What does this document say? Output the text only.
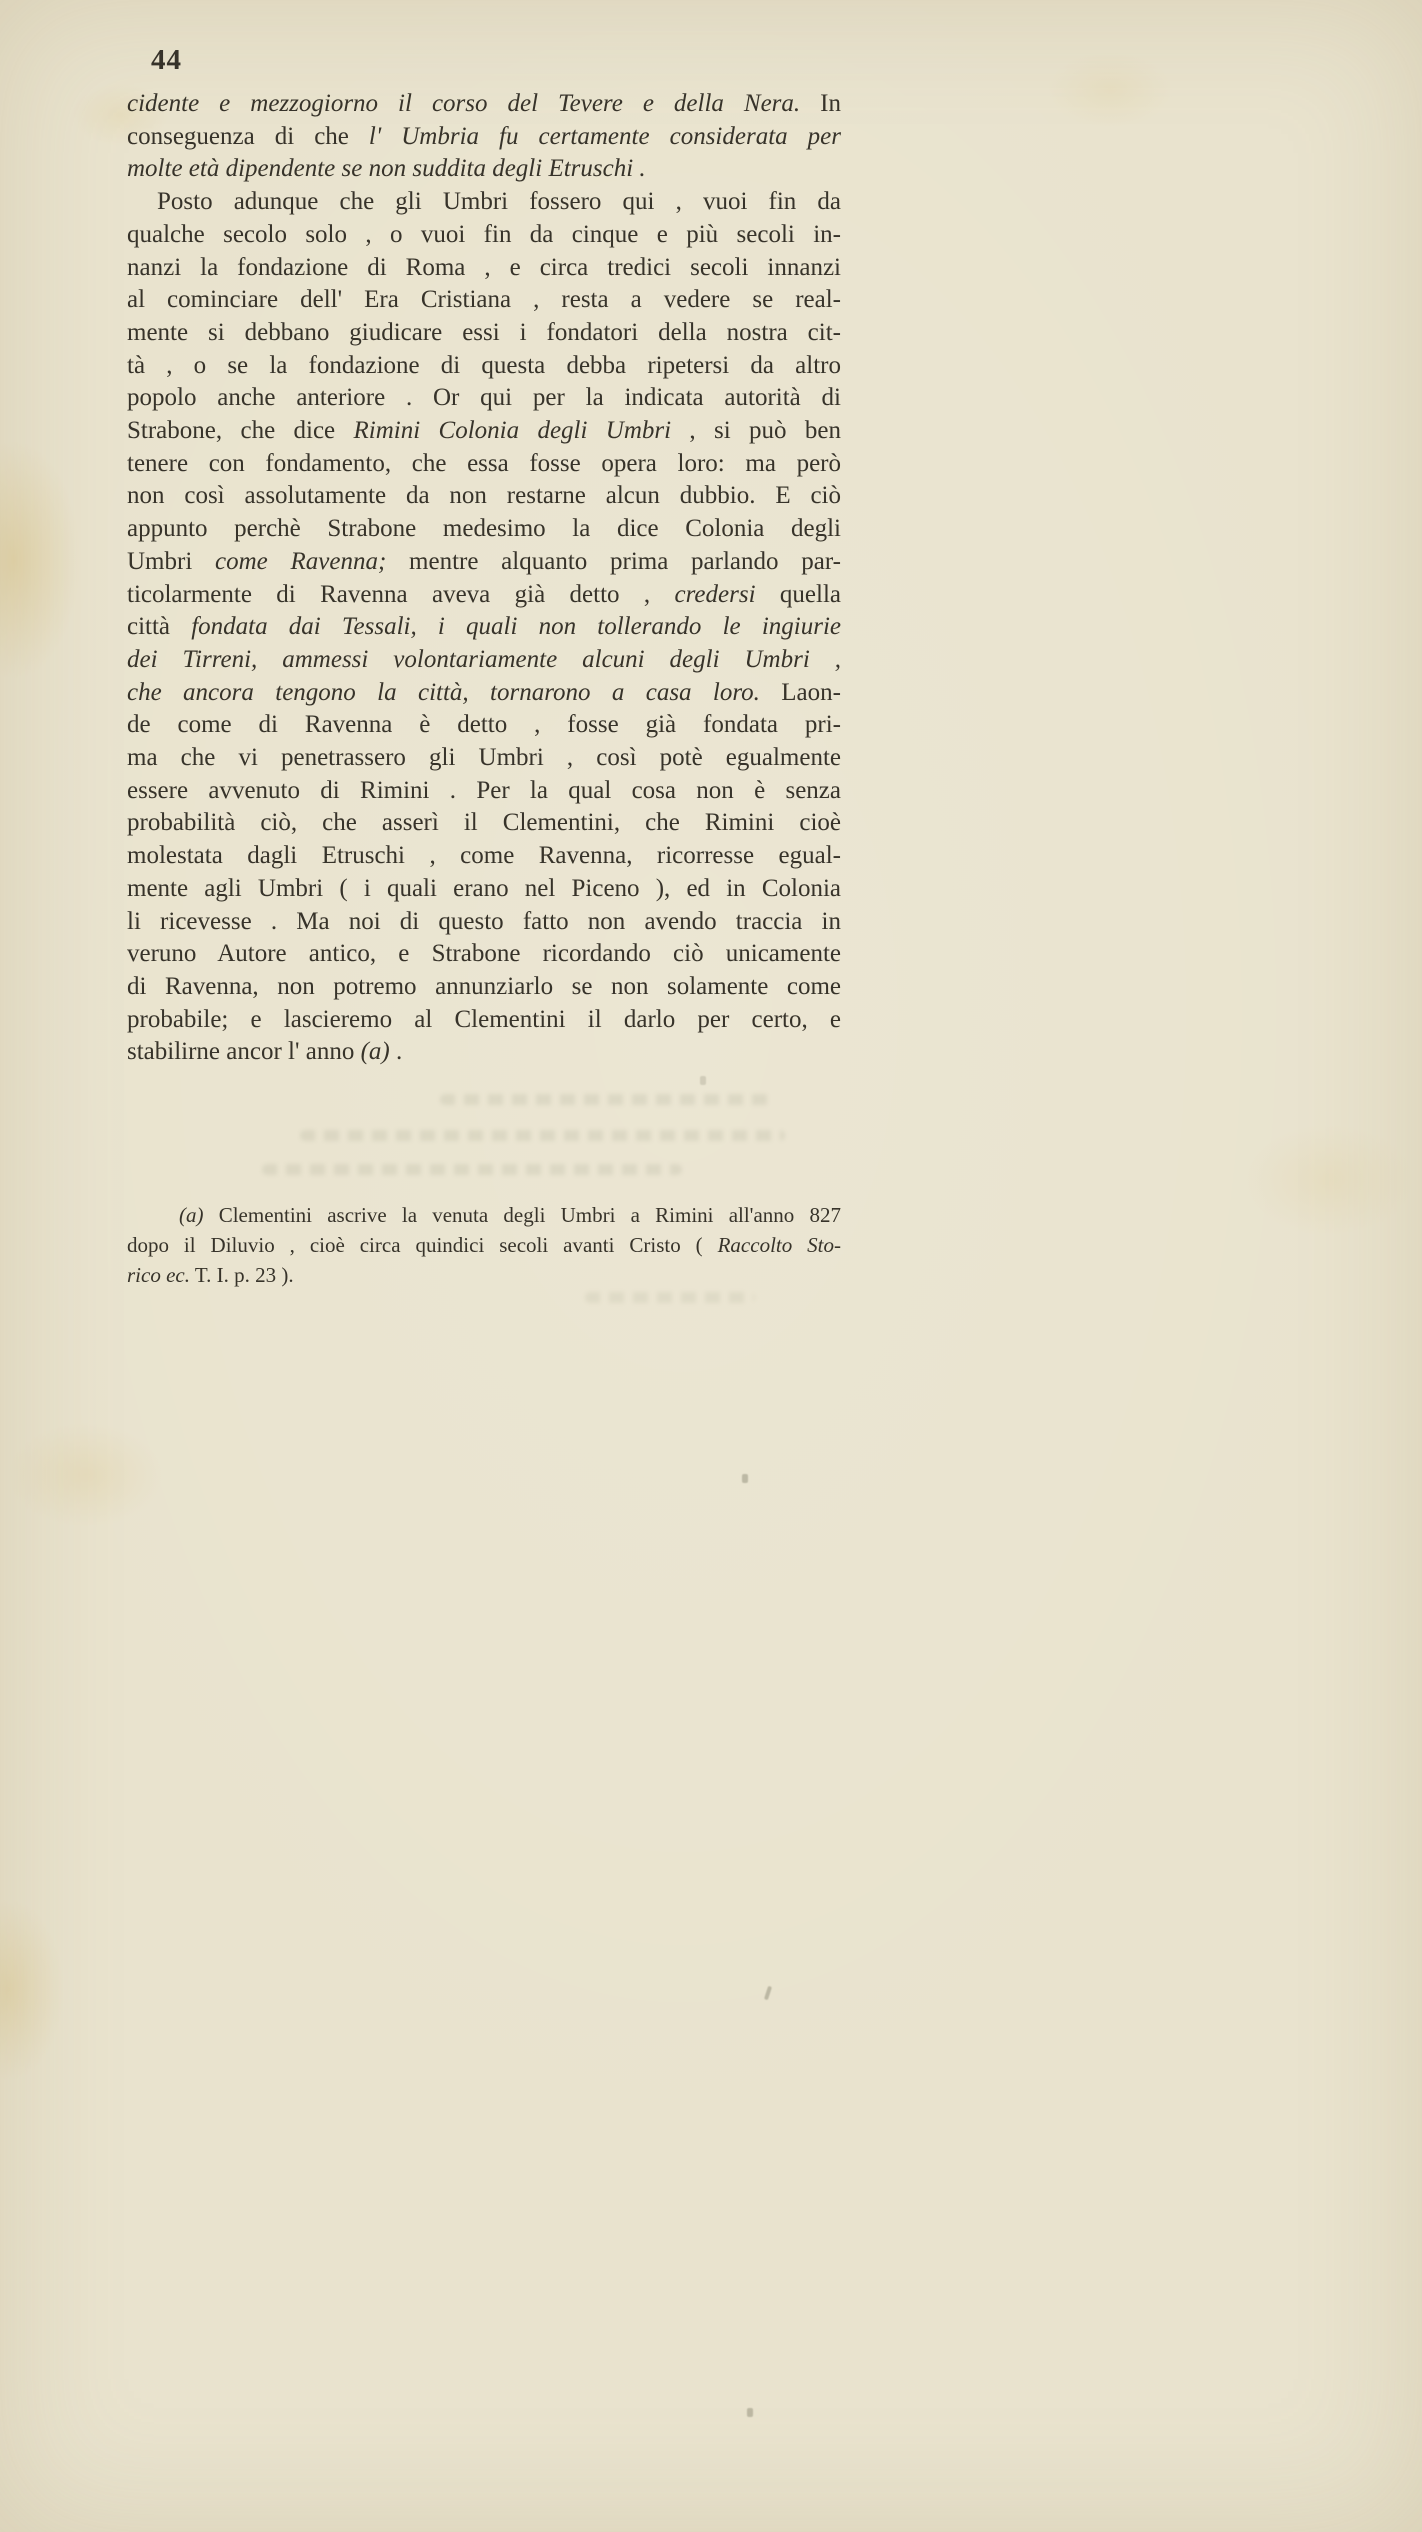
44
cidente e mezzogiorno il corso del Tevere e della Nera. In
conseguenza di che l' Umbria fu certamente considerata per
molte età dipendente se non suddita degli Etruschi .
Posto adunque che gli Umbri fossero qui , vuoi fin da
qualche secolo solo , o vuoi fin da cinque e più secoli in-
nanzi la fondazione di Roma , e circa tredici secoli innanzi
al cominciare dell' Era Cristiana , resta a vedere se real-
mente si debbano giudicare essi i fondatori della nostra cit-
tà , o se la fondazione di questa debba ripetersi da altro
popolo anche anteriore . Or qui per la indicata autorità di
Strabone, che dice Rimini Colonia degli Umbri , si può ben
tenere con fondamento, che essa fosse opera loro: ma però
non così assolutamente da non restarne alcun dubbio. E ciò
appunto perchè Strabone medesimo la dice Colonia degli
Umbri come Ravenna; mentre alquanto prima parlando par-
ticolarmente di Ravenna aveva già detto , credersi quella
città fondata dai Tessali, i quali non tollerando le ingiurie
dei Tirreni, ammessi volontariamente alcuni degli Umbri ,
che ancora tengono la città, tornarono a casa loro. Laon-
de come di Ravenna è detto , fosse già fondata pri-
ma che vi penetrassero gli Umbri , così potè egualmente
essere avvenuto di Rimini . Per la qual cosa non è senza
probabilità ciò, che asserì il Clementini, che Rimini cioè
molestata dagli Etruschi , come Ravenna, ricorresse egual-
mente agli Umbri ( i quali erano nel Piceno ), ed in Colonia
li ricevesse . Ma noi di questo fatto non avendo traccia in
veruno Autore antico, e Strabone ricordando ciò unicamente
di Ravenna, non potremo annunziarlo se non solamente come
probabile; e lascieremo al Clementini il darlo per certo, e
stabilirne ancor l' anno (a) .
(a) Clementini ascrive la venuta degli Umbri a Rimini all'anno 827
dopo il Diluvio , cioè circa quindici secoli avanti Cristo ( Raccolto Sto-
rico ec. T. I. p. 23 ).
